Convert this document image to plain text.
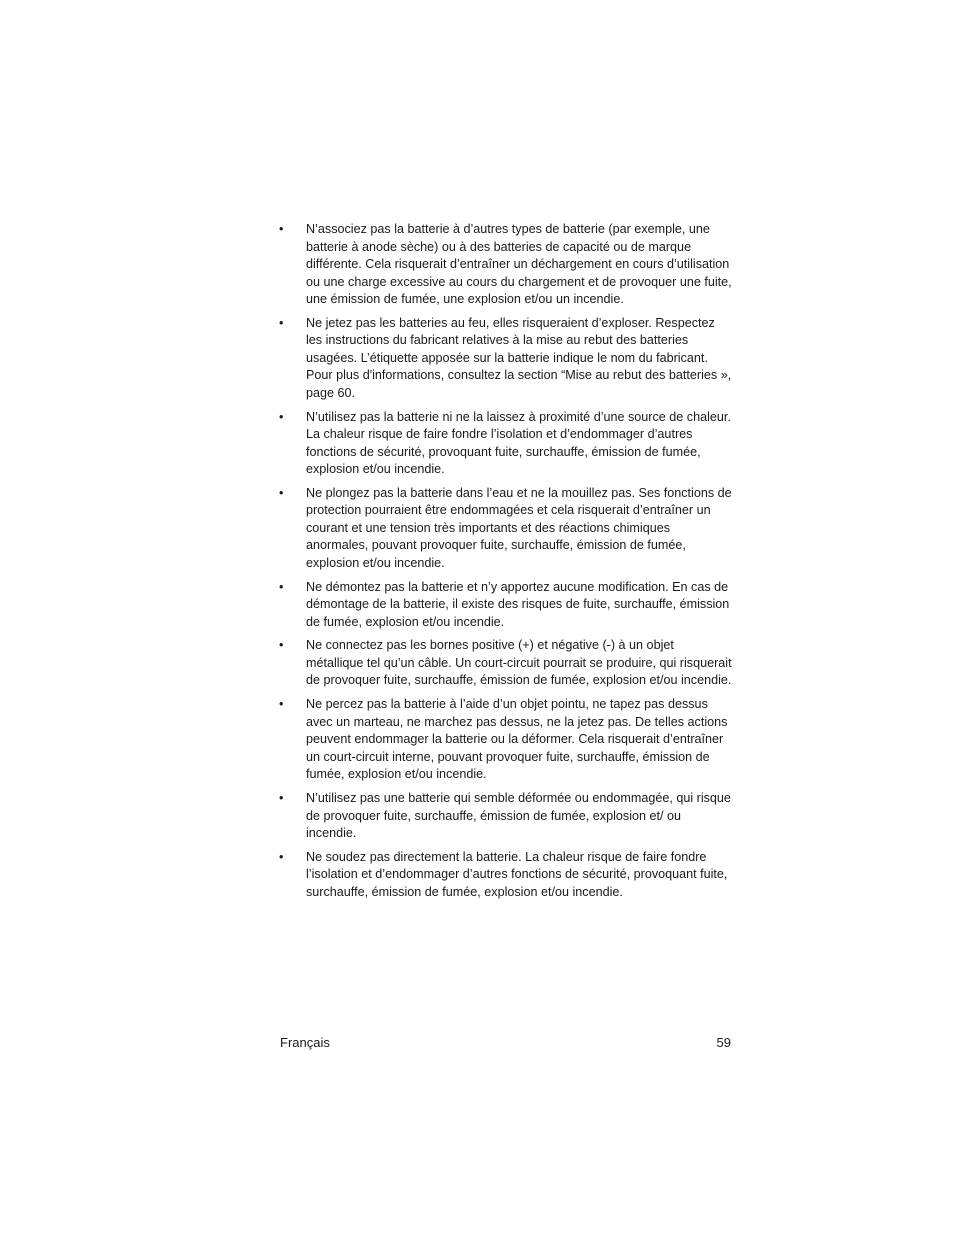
•	N’associez pas la batterie à d’autres types de batterie (par exemple, une batterie à anode sèche) ou à des batteries de capacité ou de marque différente. Cela risquerait d’entraîner un déchargement en cours d’utilisation ou une charge excessive au cours du chargement et de provoquer une fuite, une émission de fumée, une explosion et/ou un incendie.
•	Ne jetez pas les batteries au feu, elles risqueraient d’exploser. Respectez les instructions du fabricant relatives à la mise au rebut des batteries usagées. L’étiquette apposée sur la batterie indique le nom du fabricant. Pour plus d'informations, consultez la section “Mise au rebut des batteries », page 60.
•	N’utilisez pas la batterie ni ne la laissez à proximité d’une source de chaleur. La chaleur risque de faire fondre l’isolation et d’endommager d’autres fonctions de sécurité, provoquant fuite, surchauffe, émission de fumée, explosion et/ou incendie.
•	Ne plongez pas la batterie dans l’eau et ne la mouillez pas. Ses fonctions de protection pourraient être endommagées et cela risquerait d’entraîner un courant et une tension très importants et des réactions chimiques anormales, pouvant provoquer fuite, surchauffe, émission de fumée, explosion et/ou incendie.
•	Ne démontez pas la batterie et n’y apportez aucune modification. En cas de démontage de la batterie, il existe des risques de fuite, surchauffe, émission de fumée, explosion et/ou incendie.
•	Ne connectez pas les bornes positive (+) et négative (-) à un objet métallique tel qu’un câble. Un court-circuit pourrait se produire, qui risquerait de provoquer fuite, surchauffe, émission de fumée, explosion et/ou incendie.
•	Ne percez pas la batterie à l’aide d’un objet pointu, ne tapez pas dessus avec un marteau, ne marchez pas dessus, ne la jetez pas. De telles actions peuvent endommager la batterie ou la déformer. Cela risquerait d’entraîner un court-circuit interne, pouvant provoquer fuite, surchauffe, émission de fumée, explosion et/ou incendie.
•	N’utilisez pas une batterie qui semble déformée ou endommagée, qui risque de provoquer fuite, surchauffe, émission de fumée, explosion et/ ou incendie.
•	Ne soudez pas directement la batterie. La chaleur risque de faire fondre l’isolation et d’endommager d’autres fonctions de sécurité, provoquant fuite, surchauffe, émission de fumée, explosion et/ou incendie.
Français	59
